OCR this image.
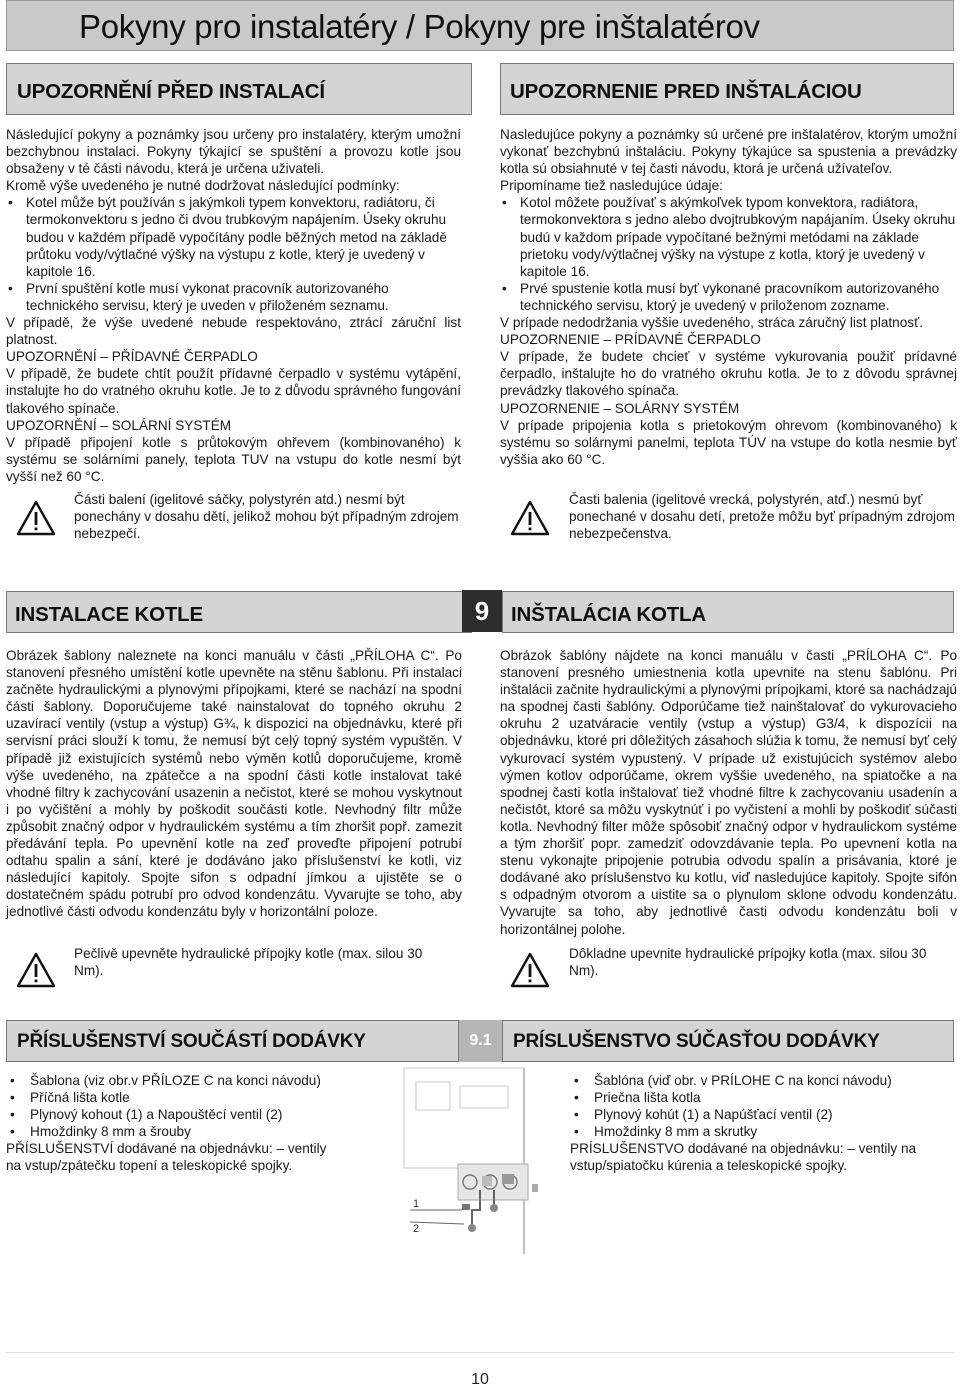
Pokyny pro instalatéry / Pokyny pre inštalatérov
UPOZORNĚNÍ PŘED INSTALACÍ	UPOZORNENIE PRED INŠTALÁCIOU

Následující pokyny a poznámky jsou určeny pro instalatéry, kterým umožní bezchybnou instalaci. Pokyny týkající se spuštění a provozu kotle jsou obsaženy v té části návodu, která je určena uživateli.

Kromě výše uvedeného je nutné dodržovat následující podmínky:

• Kotel může být používán s jakýmkoli typem konvektoru, radiátoru, či termokonvektoru s jedno či dvou trubkovým napájením. Úseky okruhu budou v každém případě vypočítány podle běžných metod na základě průtoku vody/výtlačné výšky na výstupu z kotle, který je uvedený v kapitole 16.
• První spuštění kotle musí vykonat pracovník autorizovaného technického servisu, který je uveden v přiloženém seznamu.

V případě, že výše uvedené nebude respektováno, ztrácí záruční list platnost.

UPOZORNĚNÍ – PŘÍDAVNÉ ČERPADLO

V případě, že budete chtít použít přídavné čerpadlo v systému vytápění, instalujte ho do vratného okruhu kotle. Je to z důvodu správného fungování tlakového spínače.

UPOZORNĚNÍ – SOLÁRNÍ SYSTÉM

V případě připojení kotle s průtokovým ohřevem (kombinovaného) k systému se solárními panely, teplota TUV na vstupu do kotle nesmí být vyšší než 60 °C.

Části balení (igelitové sáčky, polystyrén atd.) nesmí být ponechány v dosahu dětí, jelikož mohou být případným zdrojem nebezpečí.

Nasledujúce pokyny a poznámky sú určené pre inštalatérov, ktorým umožní vykonať bezchybnú inštaláciu. Pokyny týkajúce sa spustenia a prevádzky kotla sú obsiahnuté v tej časti návodu, ktorá je určená užívateľov.

Pripomíname tiež nasledujúce údaje:

• Kotol môžete používať s akýmkoľvek typom konvektora, radiátora, termokonvektora s jedno alebo dvojtrubkovým napájaním. Úseky okruhu budú v každom prípade vypočítané bežnými metódami na základe prietoku vody/výtlačnej výšky na výstupe z kotla, ktorý je uvedený v kapitole 16.
• Prvé spustenie kotla musí byť vykonané pracovníkom autorizovaného technického servisu, ktorý je uvedený v priloženom zozname.

V prípade nedodržania vyššie uvedeného, stráca záručný list platnosť.

UPOZORNENIE – PRÍDAVNÉ ČERPADLO

V prípade, že budete chcieť v systéme vykurovania použiť prídavné čerpadlo, inštalujte ho do vratného okruhu kotla. Je to z dôvodu správnej prevádzky tlakového spínača.

UPOZORNENIE – SOLÁRNY SYSTÉM

V prípade pripojenia kotla s prietokovým ohrevom (kombinovaného) k systému so solárnymi panelmi, teplota TÚV na vstupe do kotla nesmie byť vyššia ako 60 °C.

Časti balenia (igelitové vrecká, polystyrén, atď.) nesmú byť ponechané v dosahu detí, pretože môžu byť prípadným zdrojom nebezpečenstva.
INSTALACE KOTLE	9	INŠTALÁCIA KOTLA
Obrázek šablony naleznete na konci manuálu v části „PŘÍLOHA C“. Po stanovení přesného umístění kotle upevněte na stěnu šablonu. Při instalaci začněte hydraulickými a plynovými přípojkami, které se nachází na spodní části šablony. Doporučujeme také nainstalovat do topného okruhu 2 uzavírací ventily (vstup a výstup) G¾, k dispozici na objednávku, které při servisní práci slouží k tomu, že nemusí být celý topný systém vypuštěn. V případě již existujících systémů nebo výměn kotlů doporučujeme, kromě výše uvedeného, na zpátečce a na spodní části kotle instalovat také vhodné filtry k zachycování usazenin a nečistot, které se mohou vyskytnout i po vyčištění a mohly by poškodit součásti kotle. Nevhodný filtr může způsobit značný odpor v hydraulickém systému a tím zhoršit popř. zamezit předávání tepla. Po upevnění kotle na zeď proveďte připojení potrubí odtahu spalin a sání, které je dodáváno jako příslušenství ke kotli, viz následující kapitoly. Spojte sifon s odpadní jímkou a ujistěte se o dostatečném spádu potrubí pro odvod kondenzátu. Vyvarujte se toho, aby jednotlivé části odvodu kondenzátu byly v horizontální poloze.
Pečlivě upevněte hydraulické přípojky kotle (max. silou 30 Nm).
Obrázok šablóny nájdete na konci manuálu v časti „PRÍLOHA C“. Po stanovení presného umiestnenia kotla upevnite na stenu šablónu. Pri inštalácii začnite hydraulickými a plynovými prípojkami, ktoré sa nachádzajú na spodnej časti šablóny. Odporúčame tiež nainštalovať do vykurovacieho okruhu 2 uzatváracie ventily (vstup a výstup) G3/4, k dispozícii na objednávku, ktoré pri dôležitých zásahoch slúžia k tomu, že nemusí byť celý vykurovací systém vypustený. V prípade už existujúcich systémov alebo výmen kotlov odporúčame, okrem vyššie uvedeného, na spiatočke a na spodnej časti kotla inštalovať tiež vhodné filtre k zachycovaniu usadenín a nečistôt, ktoré sa môžu vyskytnúť i po vyčistení a mohli by poškodiť súčasti kotla. Nevhodný filter môže spôsobiť značný odpor v hydraulickom systéme a tým zhoršiť popr. zamedziť odovzdávanie tepla. Po upevnení kotla na stenu vykonajte pripojenie potrubia odvodu spalín a prisávania, ktoré je dodávané ako príslušenstvo ku kotlu, viď nasledujúce kapitoly. Spojte sifón s odpadným otvorom a uistite sa o plynulom sklone odvodu kondenzátu. Vyvarujte sa toho, aby jednotlivé časti odvodu kondenzátu boli v horizontálnej polohe.
Dôkladne upevnite hydraulické prípojky kotla (max. silou 30 Nm).
PŘÍSLUŠENSTVÍ SOUČÁSTÍ DODÁVKY	9.1	PRÍSLUŠENSTVO SÚČASŤOU DODÁVKY
•	Šablona (viz obr.v PŘÍLOZE C na konci návodu)
•	Příčná lišta kotle
•	Plynový kohout (1) a Napouštěcí ventil (2)
•	Hmoždinky 8 mm a šrouby

PŘÍSLUŠENSTVÍ dodávané na objednávku: – ventily na vstup/zpátečku topení a teleskopické spojky.

1
2
•	Šablóna (viď obr. v PRÍLOHE C na konci návodu)
•	Priečna lišta kotla
•	Plynový kohút (1) a Napúšťací ventil (2)
•	Hmoždinky 8 mm a skrutky

PRÍSLUŠENSTVO dodávané na objednávku: – ventily na vstup/spiatočku kúrenia a teleskopické spojky.

10
